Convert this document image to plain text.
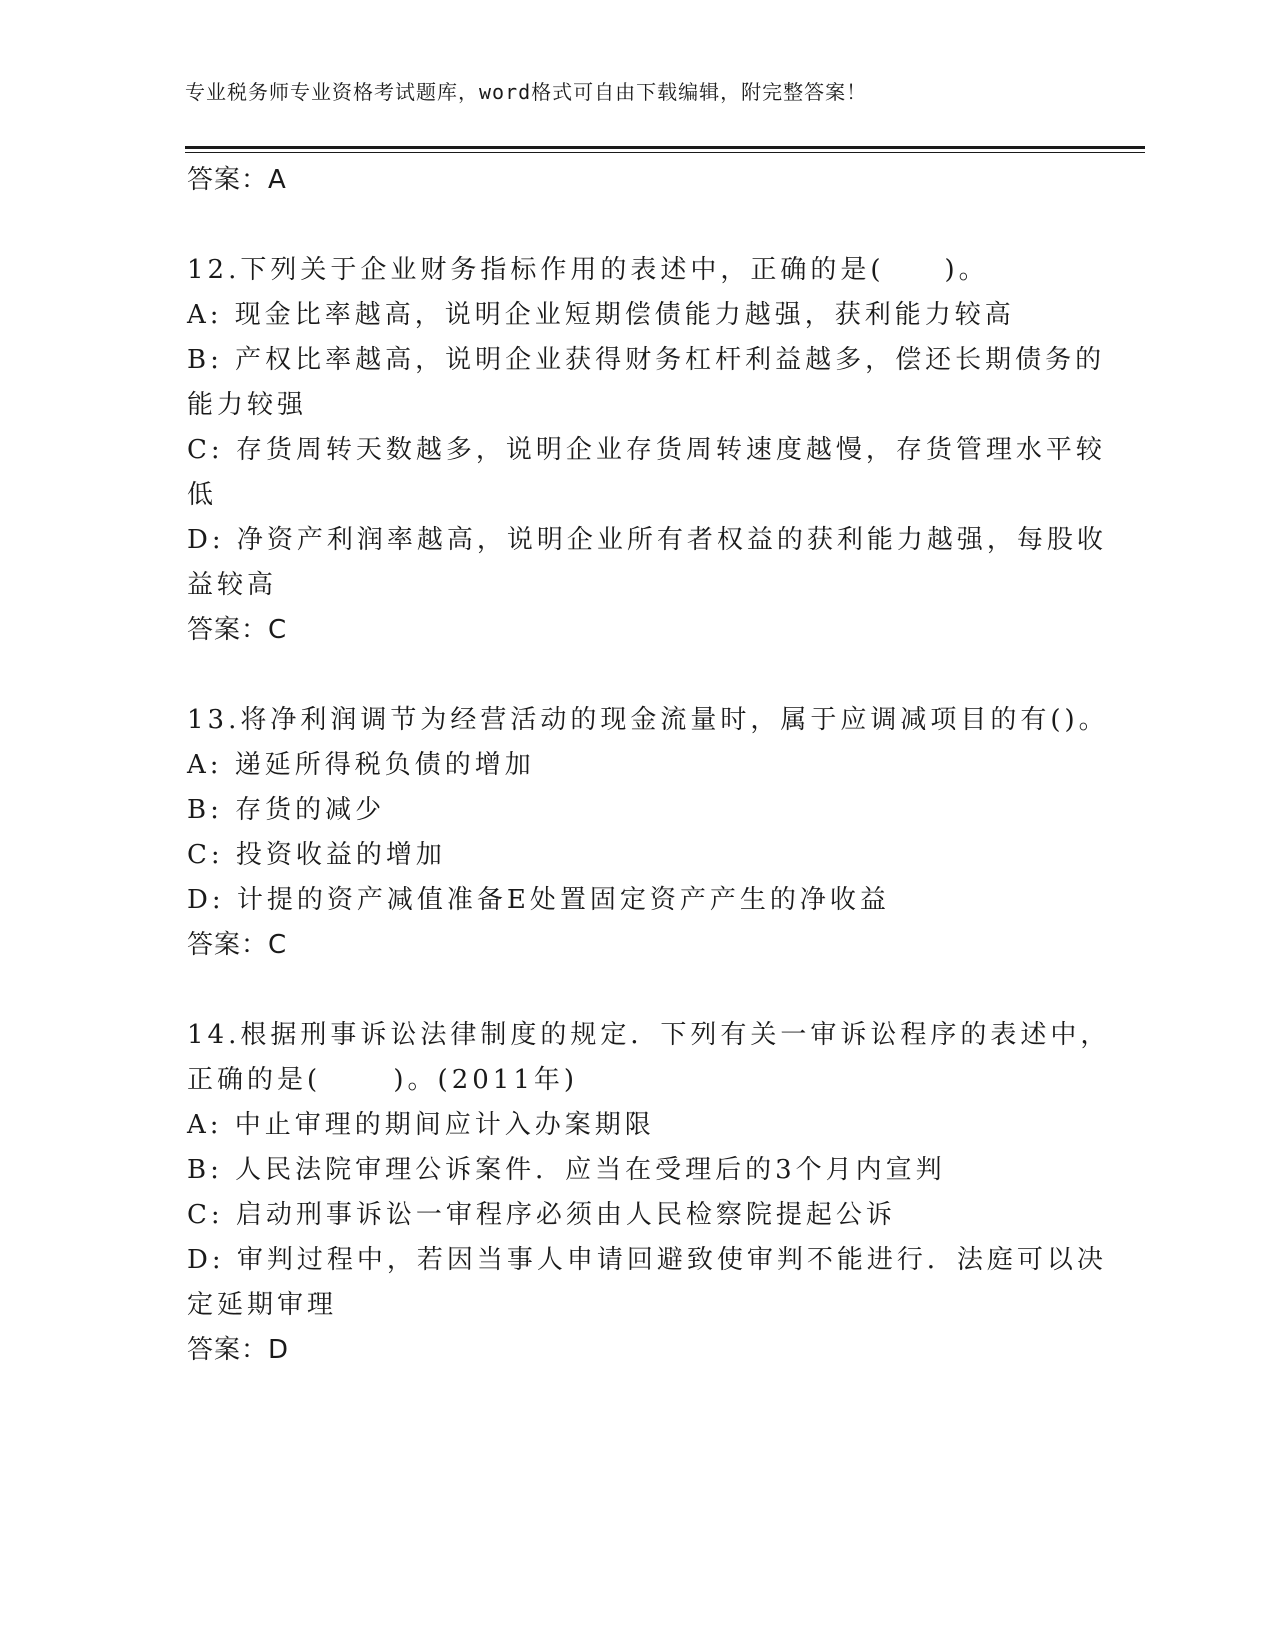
专业税务师专业资格考试题库，word格式可自由下载编辑，附完整答案！
答案：A
12.下列关于企业财务指标作用的表述中，正确的是(　　)。
A: 现金比率越高，说明企业短期偿债能力越强，获利能力较高
B: 产权比率越高，说明企业获得财务杠杆利益越多，偿还长期债务的
能力较强
C: 存货周转天数越多，说明企业存货周转速度越慢，存货管理水平较
低
D: 净资产利润率越高，说明企业所有者权益的获利能力越强，每股收
益较高
答案：C
13.将净利润调节为经营活动的现金流量时，属于应调减项目的有()。
A: 递延所得税负债的增加
B: 存货的减少
C: 投资收益的增加
D: 计提的资产减值准备E处置固定资产产生的净收益
答案：C
14.根据刑事诉讼法律制度的规定．下列有关一审诉讼程序的表述中，
正确的是(　　 )。(2011年)
A: 中止审理的期间应计入办案期限
B: 人民法院审理公诉案件．应当在受理后的3个月内宣判
C: 启动刑事诉讼一审程序必须由人民检察院提起公诉
D: 审判过程中，若因当事人申请回避致使审判不能进行．法庭可以决
定延期审理
答案：D
